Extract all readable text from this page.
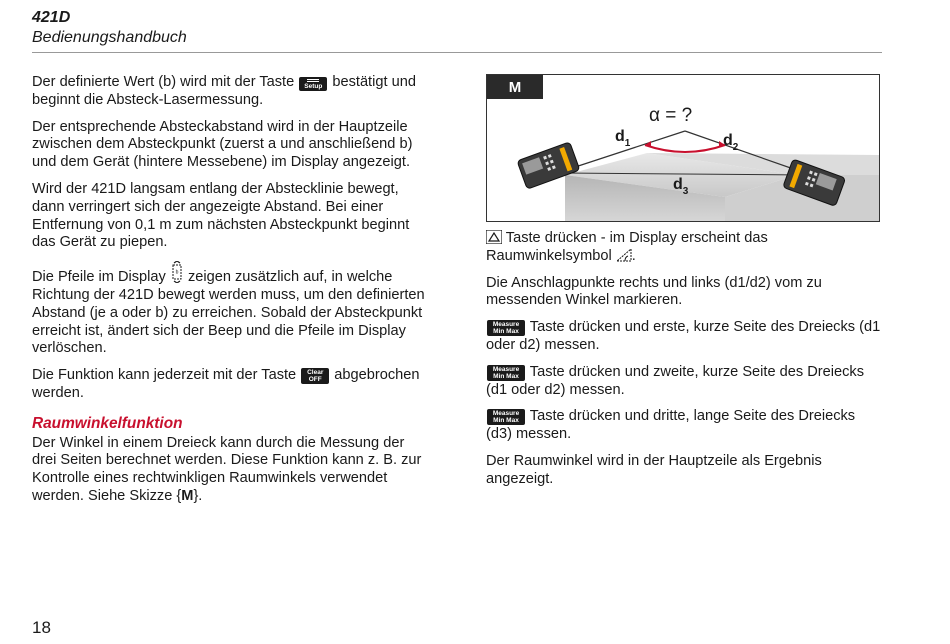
421D
Bedienungshandbuch

Der definierte Wert (b) wird mit der Taste Setup bestätigt und beginnt die Absteck-Lasermessung.

Der entsprechende Absteckabstand wird in der Hauptzeile zwischen dem Absteckpunkt (zuerst a und anschließend b) und dem Gerät (hintere Messebene) im Display angezeigt.

Wird der 421D langsam entlang der Abstecklinie bewegt, dann verringert sich der angezeigte Abstand. Bei einer Entfernung von 0,1 m zum nächsten Absteckpunkt beginnt das Gerät zu piepen.

Die Pfeile im Display b zeigen zusätzlich auf, in welche Richtung der 421D bewegt werden muss, um den definierten Abstand (je a oder b) zu erreichen. Sobald der Absteckpunkt erreicht ist, ändert sich der Beep und die Pfeile im Display verlöschen.

Die Funktion kann jederzeit mit der Taste	Clear
OFF abgebrochen werden.

Raumwinkelfunktion

Der Winkel in einem Dreieck kann durch die Messung der drei Seiten berechnet werden. Diese Funktion kann z. B. zur Kontrolle eines rechtwinkligen Raumwinkels verwendet werden. Siehe Skizze {M}.

M
α = ?
$d_1$	$d_2$
$d_3$

Taste drücken - im Display erscheint das Raumwinkelsymbol .

Die Anschlagpunkte rechts und links (d1/d2) vom zu messenden Winkel markieren.

Measure
Min Max Taste drücken und erste, kurze Seite des Dreiecks (d1 oder d2) messen.

Measure
Min Max Taste drücken und zweite, kurze Seite des Dreiecks (d1 oder d2) messen.

Measure
Min Max Taste drücken und dritte, lange Seite des Dreiecks (d3) messen.

Der Raumwinkel wird in der Hauptzeile als Ergebnis angezeigt.

18
